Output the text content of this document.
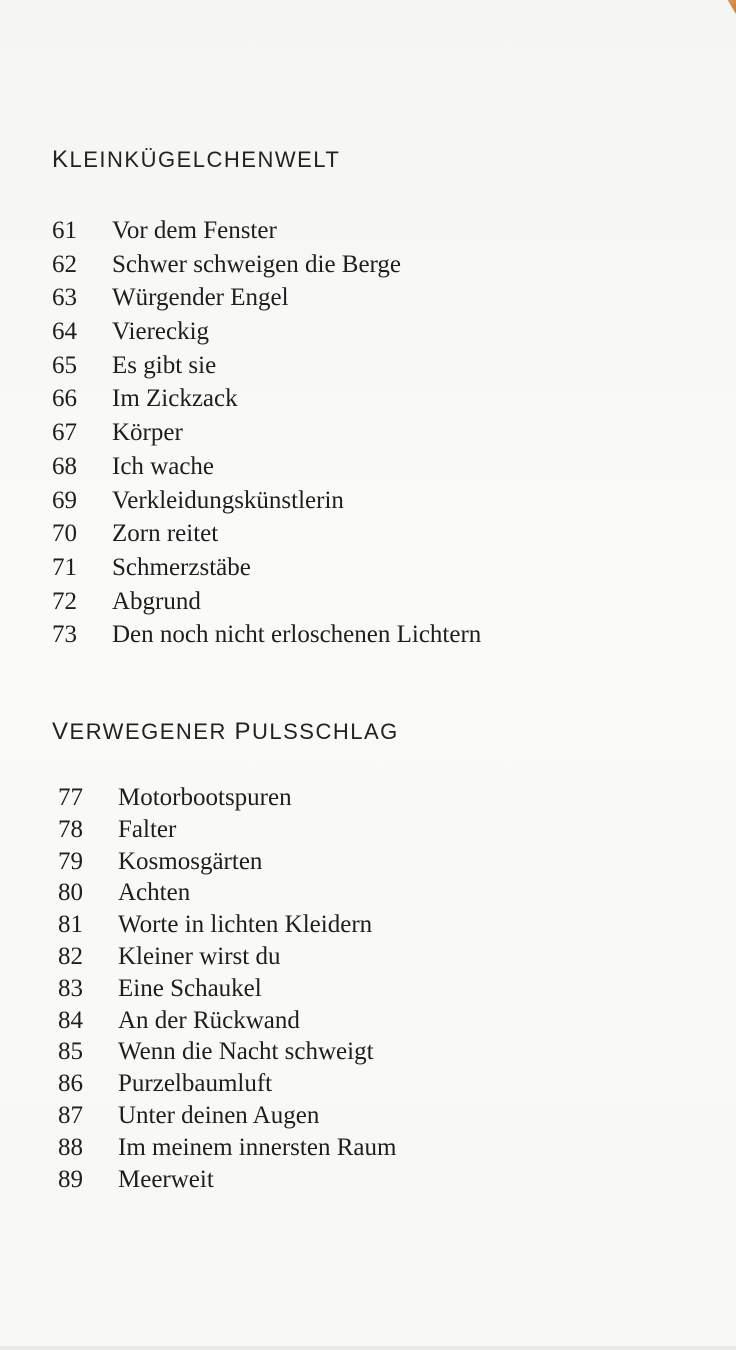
KLEINKÜGELCHENWELT
61	Vor dem Fenster
62	Schwer schweigen die Berge
63	Würgender Engel
64	Viereckig
65	Es gibt sie
66	Im Zickzack
67	Körper
68	Ich wache
69	Verkleidungskünstlerin
70	Zorn reitet
71	Schmerzstäbe
72	Abgrund
73	Den noch nicht erloschenen Lichtern
VERWEGENER PULSSCHLAG
77	Motorbootspuren
78	Falter
79	Kosmosgärten
80	Achten
81	Worte in lichten Kleidern
82	Kleiner wirst du
83	Eine Schaukel
84	An der Rückwand
85	Wenn die Nacht schweigt
86	Purzelbaumluft
87	Unter deinen Augen
88	Im meinem innersten Raum
89	Meerweit
